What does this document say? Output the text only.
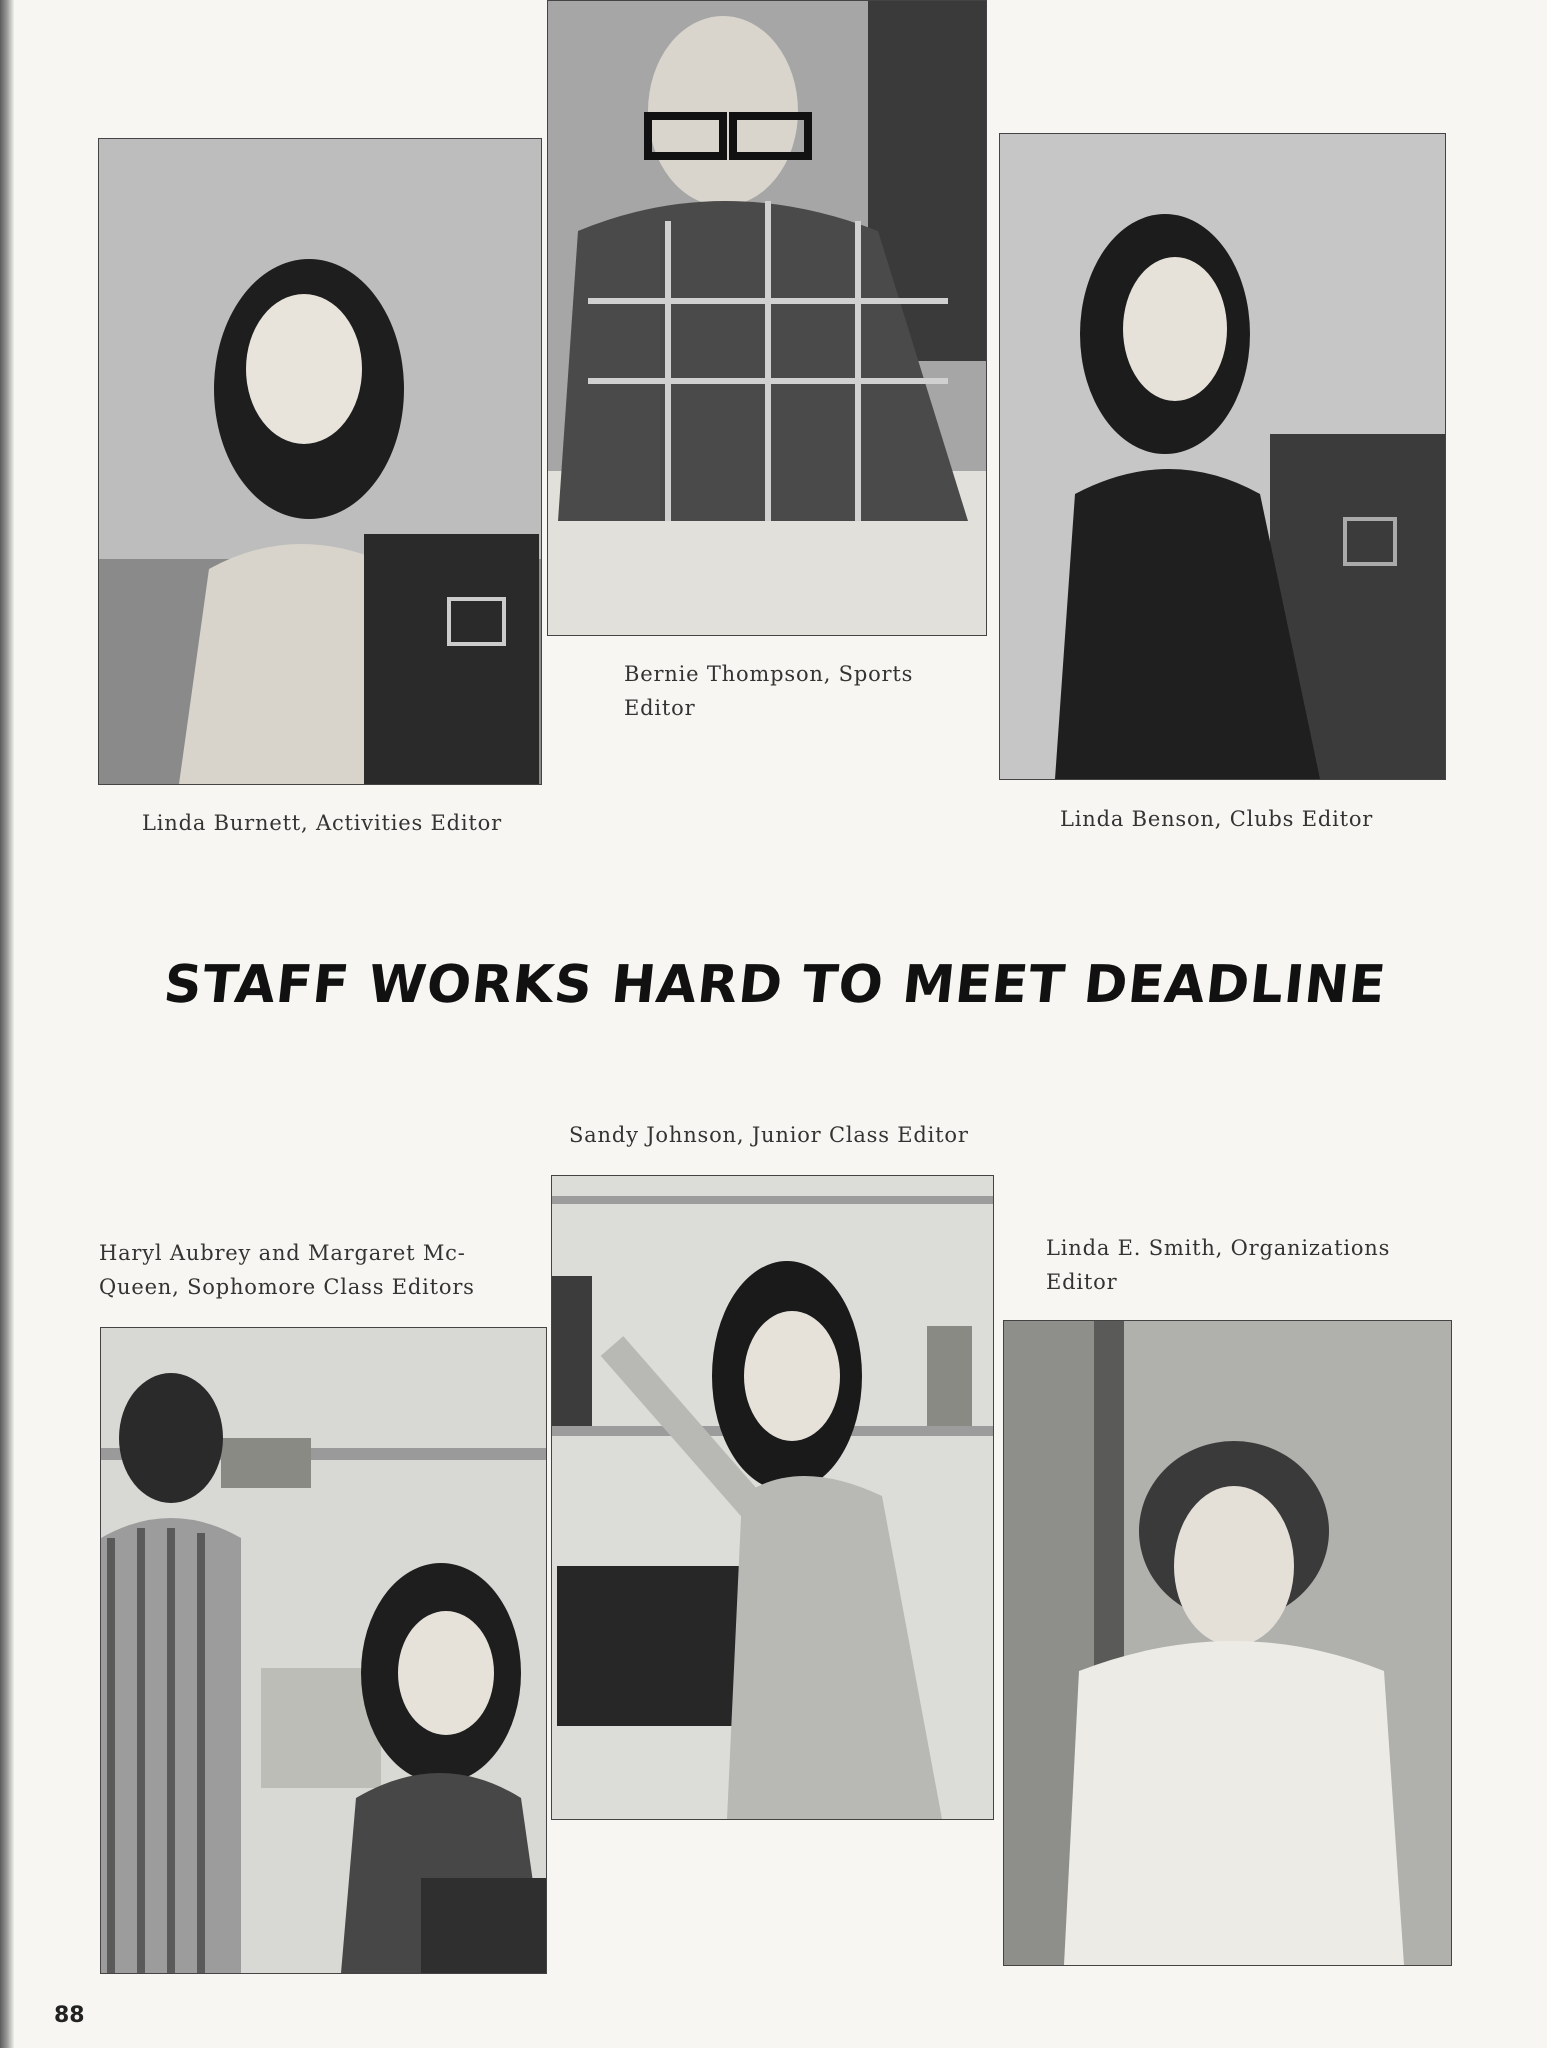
Linda Burnett, Activities Editor
Bernie Thompson, Sports
Editor
Linda Benson, Clubs Editor
STAFF WORKS HARD TO MEET DEADLINE
Sandy Johnson, Junior Class Editor
Haryl Aubrey and Margaret Mc-
Queen, Sophomore Class Editors
Linda E. Smith, Organizations
Editor
88
